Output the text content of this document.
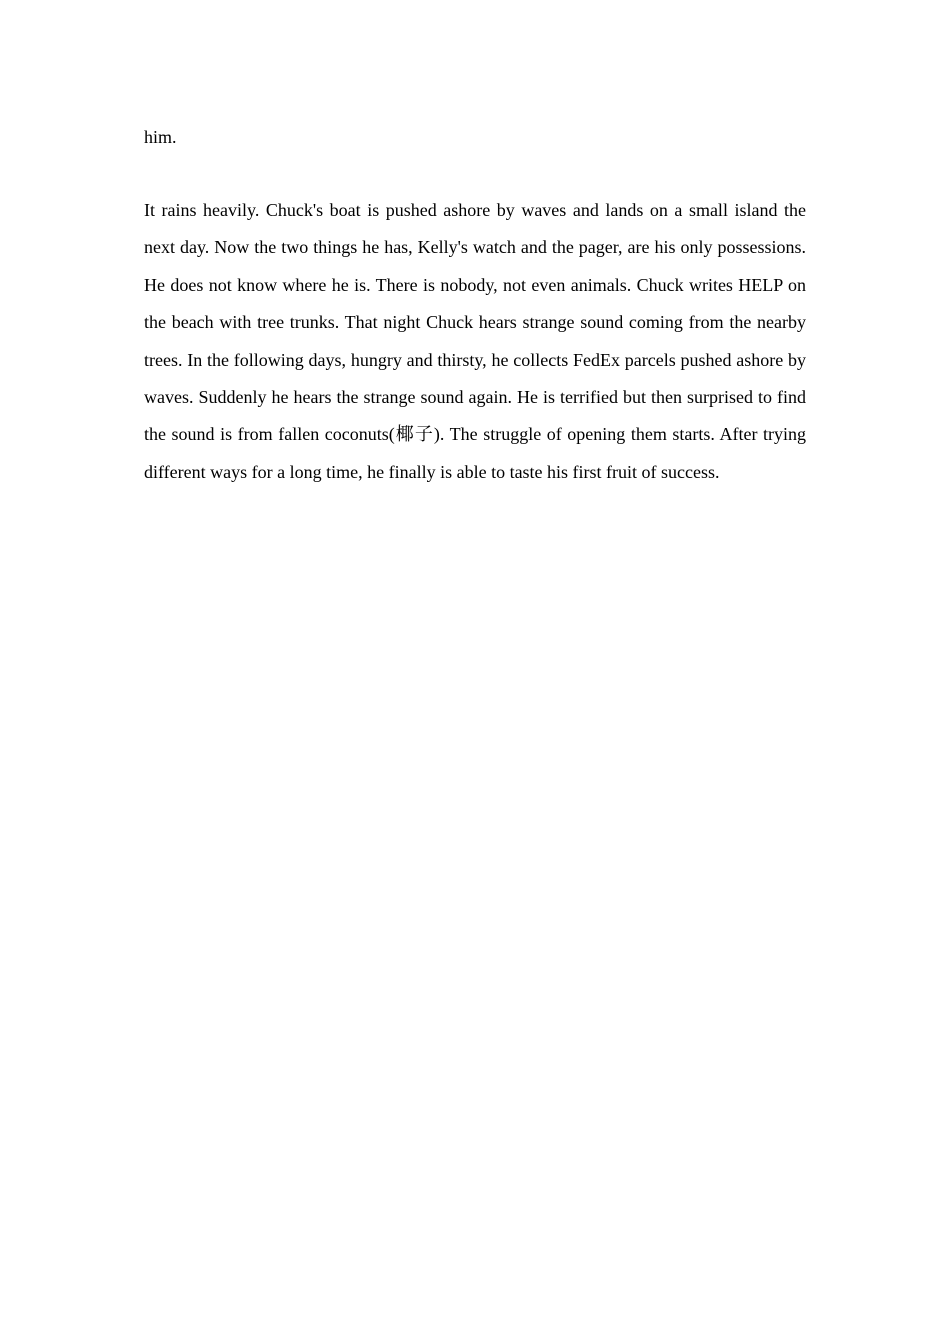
him.

It rains heavily. Chuck's boat is pushed ashore by waves and lands on a small island the next day. Now the two things he has, Kelly's watch and the pager, are his only possessions. He does not know where he is. There is nobody, not even animals. Chuck writes HELP on the beach with tree trunks. That night Chuck hears strange sound coming from the nearby trees. In the following days, hungry and thirsty, he collects FedEx parcels pushed ashore by waves. Suddenly he hears the strange sound again. He is terrified but then surprised to find the sound is from fallen coconuts(椰子). The struggle of opening them starts. After trying different ways for a long time, he finally is able to taste his first fruit of success.
